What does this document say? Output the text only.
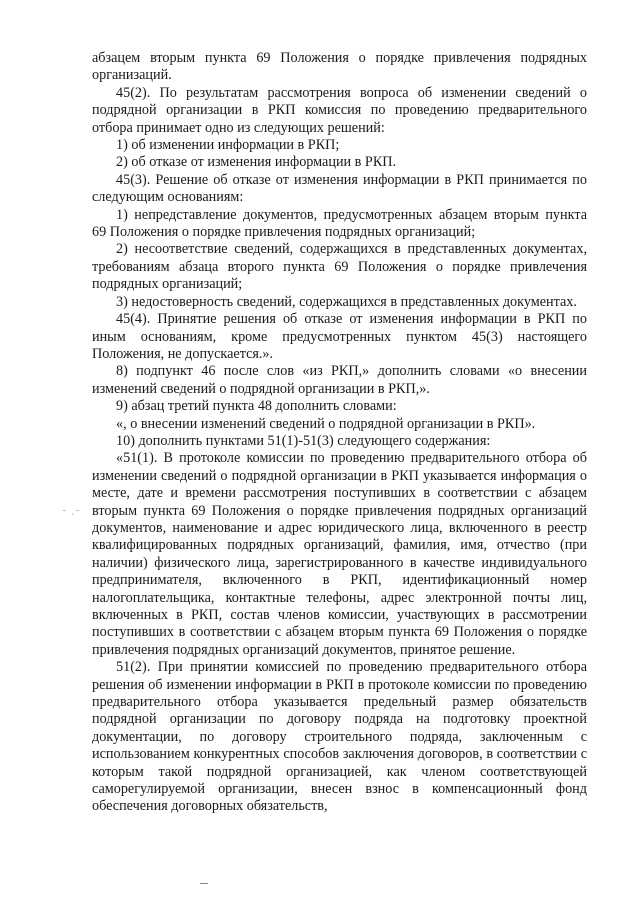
абзацем вторым пункта 69 Положения о порядке привлечения подрядных организаций.

45(2). По результатам рассмотрения вопроса об изменении сведений о подрядной организации в РКП комиссия по проведению предварительного отбора принимает одно из следующих решений:

1) об изменении информации в РКП;

2) об отказе от изменения информации в РКП.

45(3). Решение об отказе от изменения информации в РКП принимается по следующим основаниям:

1) непредставление документов, предусмотренных абзацем вторым пункта 69 Положения о порядке привлечения подрядных организаций;

2) несоответствие сведений, содержащихся в представленных документах, требованиям абзаца второго пункта 69 Положения о порядке привлечения подрядных организаций;

3) недостоверность сведений, содержащихся в представленных документах.

45(4). Принятие решения об отказе от изменения информации в РКП по иным основаниям, кроме предусмотренных пунктом 45(3) настоящего Положения, не допускается.».

8) подпункт 46 после слов «из РКП,» дополнить словами «о внесении изменений сведений о подрядной организации в РКП,».

9) абзац третий пункта 48 дополнить словами:

«, о внесении изменений сведений о подрядной организации в РКП».

10) дополнить пунктами 51(1)-51(3) следующего содержания:

«51(1). В протоколе комиссии по проведению предварительного отбора об изменении сведений о подрядной организации в РКП указывается информация о месте, дате и времени рассмотрения поступивших в соответствии с абзацем вторым пункта 69 Положения о порядке привлечения подрядных организаций документов, наименование и адрес юридического лица, включенного в реестр квалифицированных подрядных организаций, фамилия, имя, отчество (при наличии) физического лица, зарегистрированного в качестве индивидуального предпринимателя, включенного в РКП, идентификационный номер налогоплательщика, контактные телефоны, адрес электронной почты лиц, включенных в РКП, состав членов комиссии, участвующих в рассмотрении поступивших в соответствии с абзацем вторым пункта 69 Положения о порядке привлечения подрядных организаций документов, принятое решение.

51(2). При принятии комиссией по проведению предварительного отбора решения об изменении информации в РКП в протоколе комиссии по проведению предварительного отбора указывается предельный размер обязательств подрядной организации по договору подряда на подготовку проектной документации, по договору строительного подряда, заключенным с использованием конкурентных способов заключения договоров, в соответствии с которым такой подрядной организацией, как членом соответствующей саморегулируемой организации, внесен взнос в компенсационный фонд обеспечения договорных обязательств,

˘ ·˘
